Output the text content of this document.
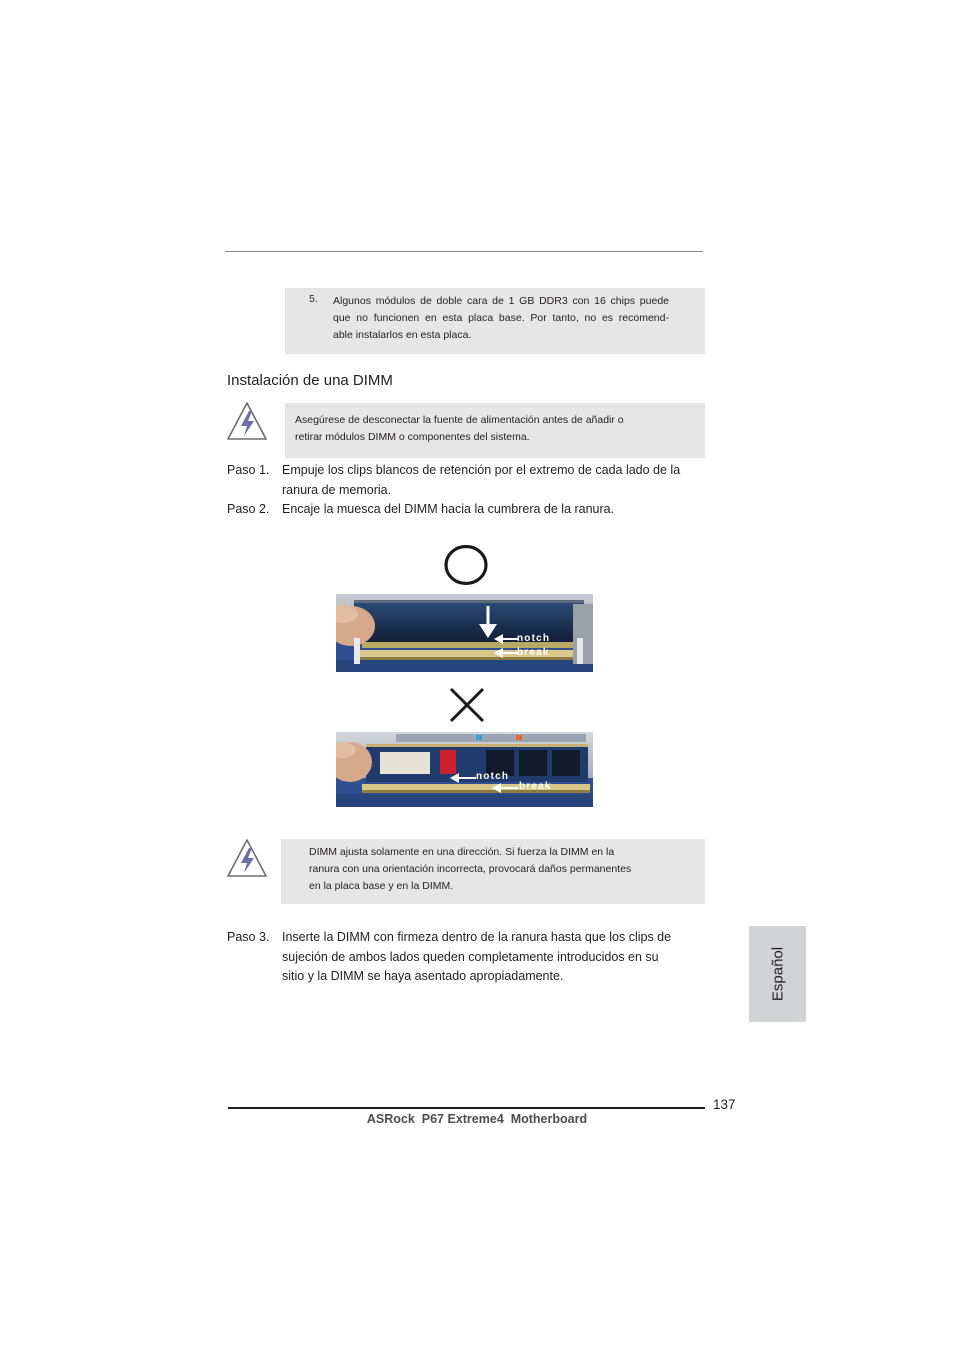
5. Algunos módulos de doble cara de 1 GB DDR3 con 16 chips puede
que no funcionen en esta placa base. Por tanto, no es recomend-
able instalarlos en esta placa.
Instalación de una DIMM
Asegúrese de desconectar la fuente de alimentación antes de añadir o
retirar módulos DIMM o componentes del sistema.
Paso 1. Empuje los clips blancos de retención por el extremo de cada lado de la
ranura de memoria.
Paso 2. Encaje la muesca del DIMM hacia la cumbrera de la ranura.
notch
break
notch
break
DIMM ajusta solamente en una dirección. Si fuerza la DIMM en la
ranura con una orientación incorrecta, provocará daños permanentes
en la placa base y en la DIMM.
Paso 3. Inserte la DIMM con firmeza dentro de la ranura hasta que los clips de
sujeción de ambos lados queden completamente introducidos en su
sitio y la DIMM se haya asentado apropiadamente.	Español
137
ASRock  P67 Extreme4  Motherboard
